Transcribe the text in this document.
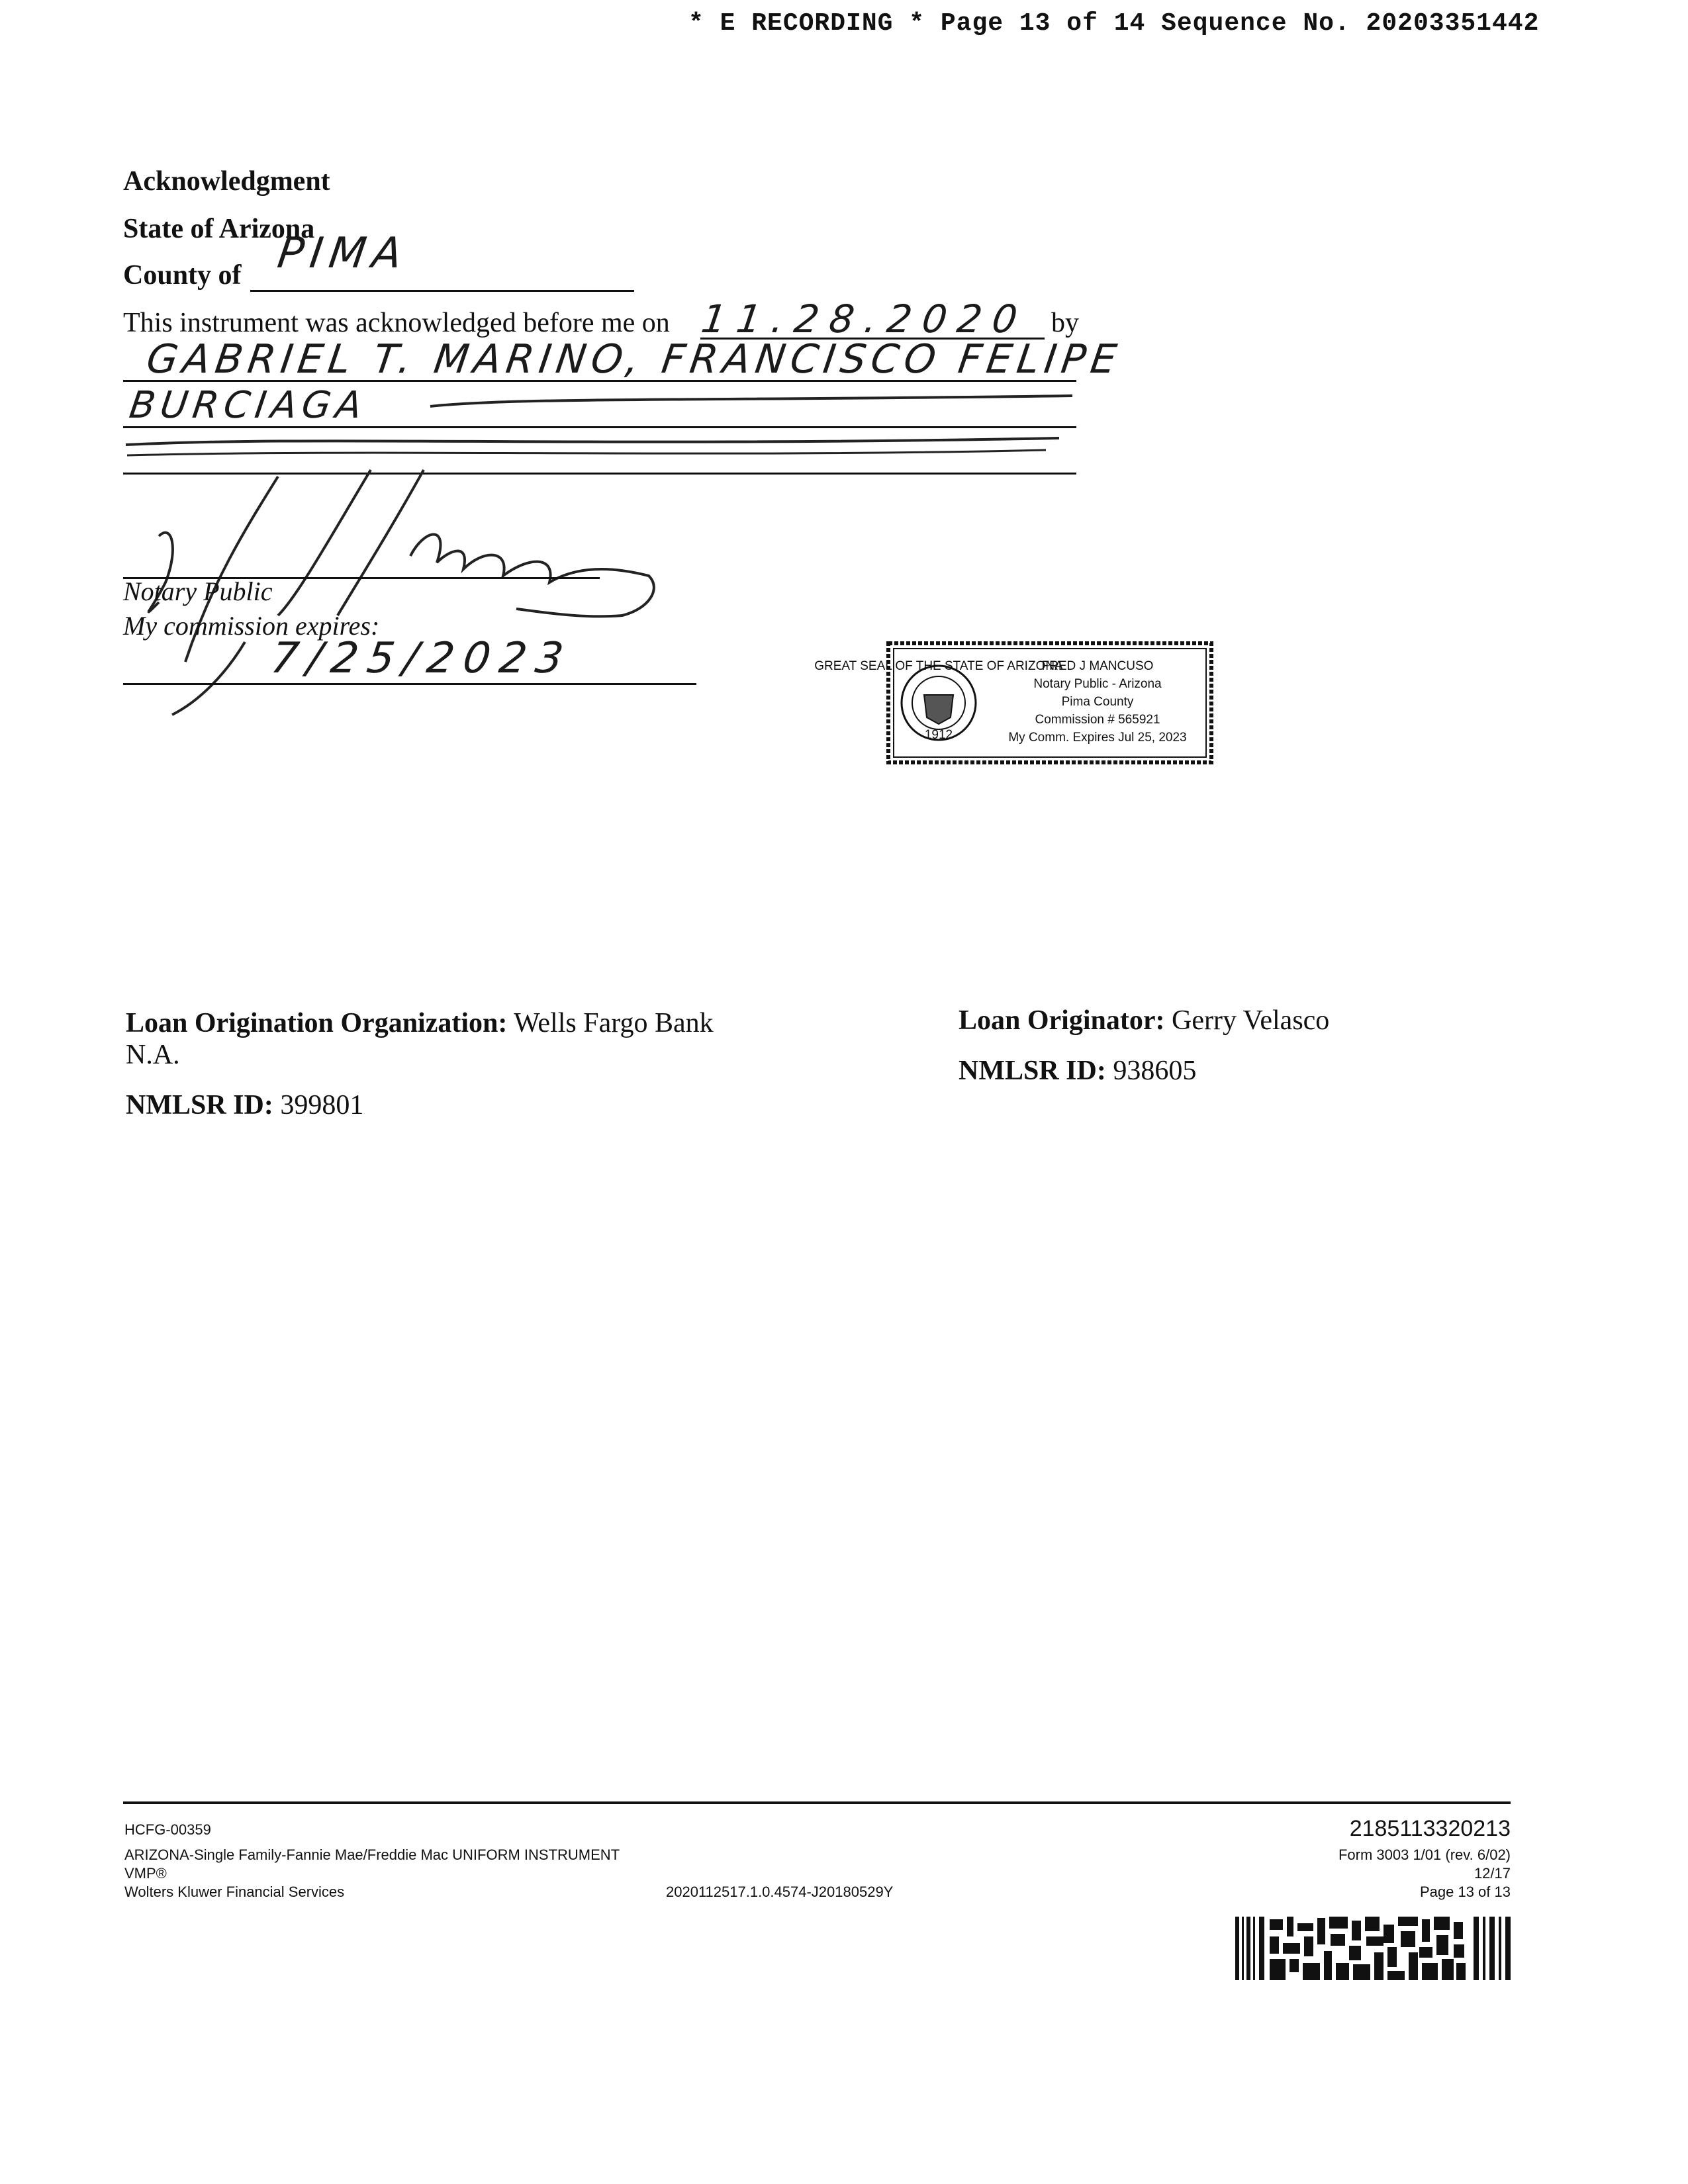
* E RECORDING * Page 13 of 14 Sequence No. 20203351442
Acknowledgment
State of Arizona
County of PIMA
This instrument was acknowledged before me on 11.28.2020 by
GABRIEL T. MARINO, FRANCISCO FELIPE
BURCIAGA
Notary Public
My commission expires:
7/25/2023	GREAT SEAL OF THE STATE OF ARIZONA
1912
FRED J MANCUSO
Notary Public - Arizona
Pima County
Commission # 565921
My Comm. Expires Jul 25, 2023
Loan Origination Organization: Wells Fargo Bank N.A.
NMLSR ID: 399801
Loan Originator: Gerry Velasco
NMLSR ID: 938605
HCFG-00359
ARIZONA-Single Family-Fannie Mae/Freddie Mac UNIFORM INSTRUMENT
VMP®
Wolters Kluwer Financial Services	2020112517.1.0.4574-J20180529Y
2185113320213
Form 3003 1/01 (rev. 6/02)
12/17
Page 13 of 13
